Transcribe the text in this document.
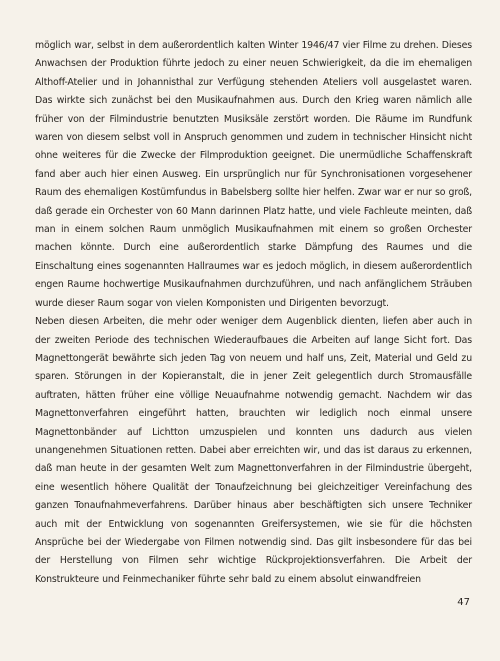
möglich war, selbst in dem außerordentlich kalten Winter 1946/47 vier Filme zu drehen. Dieses Anwachsen der Produktion führte jedoch zu einer neuen Schwierigkeit, da die im ehemaligen Althoff-Atelier und in Johannisthal zur Verfügung stehenden Ateliers voll ausgelastet waren. Das wirkte sich zunächst bei den Musikaufnahmen aus. Durch den Krieg waren nämlich alle früher von der Filmindustrie benutzten Musiksäle zerstört worden. Die Räume im Rundfunk waren von diesem selbst voll in Anspruch genommen und zudem in technischer Hinsicht nicht ohne weiteres für die Zwecke der Filmproduktion geeignet. Die unermüdliche Schaffenskraft fand aber auch hier einen Ausweg. Ein ursprünglich nur für Synchronisationen vorgesehener Raum des ehemaligen Kostümfundus in Babelsberg sollte hier helfen. Zwar war er nur so groß, daß gerade ein Orchester von 60 Mann darinnen Platz hatte, und viele Fachleute meinten, daß man in einem solchen Raum unmöglich Musikaufnahmen mit einem so großen Orchester machen könnte. Durch eine außerordentlich starke Dämpfung des Raumes und die Einschaltung eines sogenannten Hallraumes war es jedoch möglich, in diesem außerordentlich engen Raume hochwertige Musikaufnahmen durchzuführen, und nach anfänglichem Sträuben wurde dieser Raum sogar von vielen Komponisten und Dirigenten bevorzugt.

Neben diesen Arbeiten, die mehr oder weniger dem Augenblick dienten, liefen aber auch in der zweiten Periode des technischen Wiederaufbaues die Arbeiten auf lange Sicht fort. Das Magnettongerät bewährte sich jeden Tag von neuem und half uns, Zeit, Material und Geld zu sparen. Störungen in der Kopieranstalt, die in jener Zeit gelegentlich durch Stromausfälle auftraten, hätten früher eine völlige Neuaufnahme notwendig gemacht. Nachdem wir das Magnettonverfahren eingeführt hatten, brauchten wir lediglich noch einmal unsere Magnettonbänder auf Lichtton umzuspielen und konnten uns dadurch aus vielen unangenehmen Situationen retten. Dabei aber erreichten wir, und das ist daraus zu erkennen, daß man heute in der gesamten Welt zum Magnettonverfahren in der Filmindustrie übergeht, eine wesentlich höhere Qualität der Tonaufzeichnung bei gleichzeitiger Vereinfachung des ganzen Tonaufnahmeverfahrens. Darüber hinaus aber beschäftigten sich unsere Techniker auch mit der Entwicklung von sogenannten Greifersystemen, wie sie für die höchsten Ansprüche bei der Wiedergabe von Filmen notwendig sind. Das gilt insbesondere für das bei der Herstellung von Filmen sehr wichtige Rückprojektionsverfahren. Die Arbeit der Konstrukteure und Feinmechaniker führte sehr bald zu einem absolut einwandfreien

47
